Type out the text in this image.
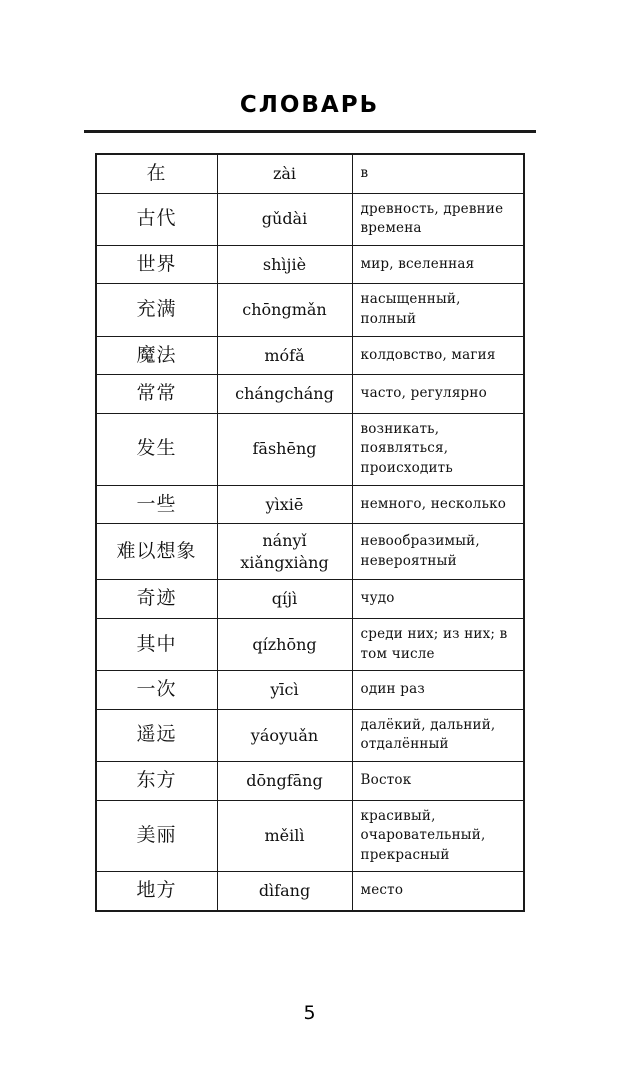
СЛОВАРЬ
在	zài	в
古代	gǔdài	древность, древние времена
世界	shìjiè	мир, вселенная
充满	chōngmǎn	насыщенный, полный
魔法	mófǎ	колдовство, магия
常常	chángcháng	часто, регулярно
发生	fāshēng	возникать, появляться, происходить
一些	yìxiē	немного, несколько
难以想象	nányǐ xiǎngxiàng	невообразимый, невероятный
奇迹	qíjì	чудо
其中	qízhōng	среди них; из них; в том числе
一次	yīcì	один раз
遥远	yáoyuǎn	далёкий, дальний, отдалённый
东方	dōngfāng	Восток
美丽	měilì	красивый, очаровательный, прекрасный
地方	dìfang	место
5
